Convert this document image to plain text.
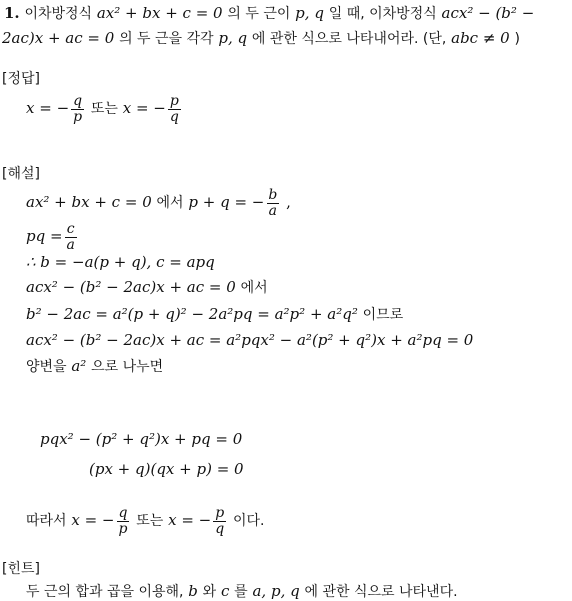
1. 이차방정식 ax² + bx + c = 0 의 두 근이 p, q 일 때, 이차방정식 acx² − (b² −
2ac)x + ac = 0 의 두 근을 각각 p, q 에 관한 식으로 나타내어라. (단, abc ≠ 0 )
[정답]
x = − $\frac{q}{p}$ 또는 x = − $\frac{p}{q}$
[해설]
ax² + bx + c = 0 에서 p + q = − $\frac{b}{a}$ ,
pq = $\frac{c}{a}$
∴ b = −a(p + q), c = apq
acx² − (b² − 2ac)x + ac = 0 에서
b² − 2ac = a²(p + q)² − 2a²pq = a²p² + a²q² 이므로
acx² − (b² − 2ac)x + ac = a²pqx² − a²(p² + q²)x + a²pq = 0
양변을 a² 으로 나누면
pqx² − (p² + q²)x + pq = 0
(px + q)(qx + p) = 0
따라서 x = − $\frac{q}{p}$ 또는 x = − $\frac{p}{q}$ 이다.
[힌트]
두 근의 합과 곱을 이용해, b 와 c 를 a, p, q 에 관한 식으로 나타낸다.
